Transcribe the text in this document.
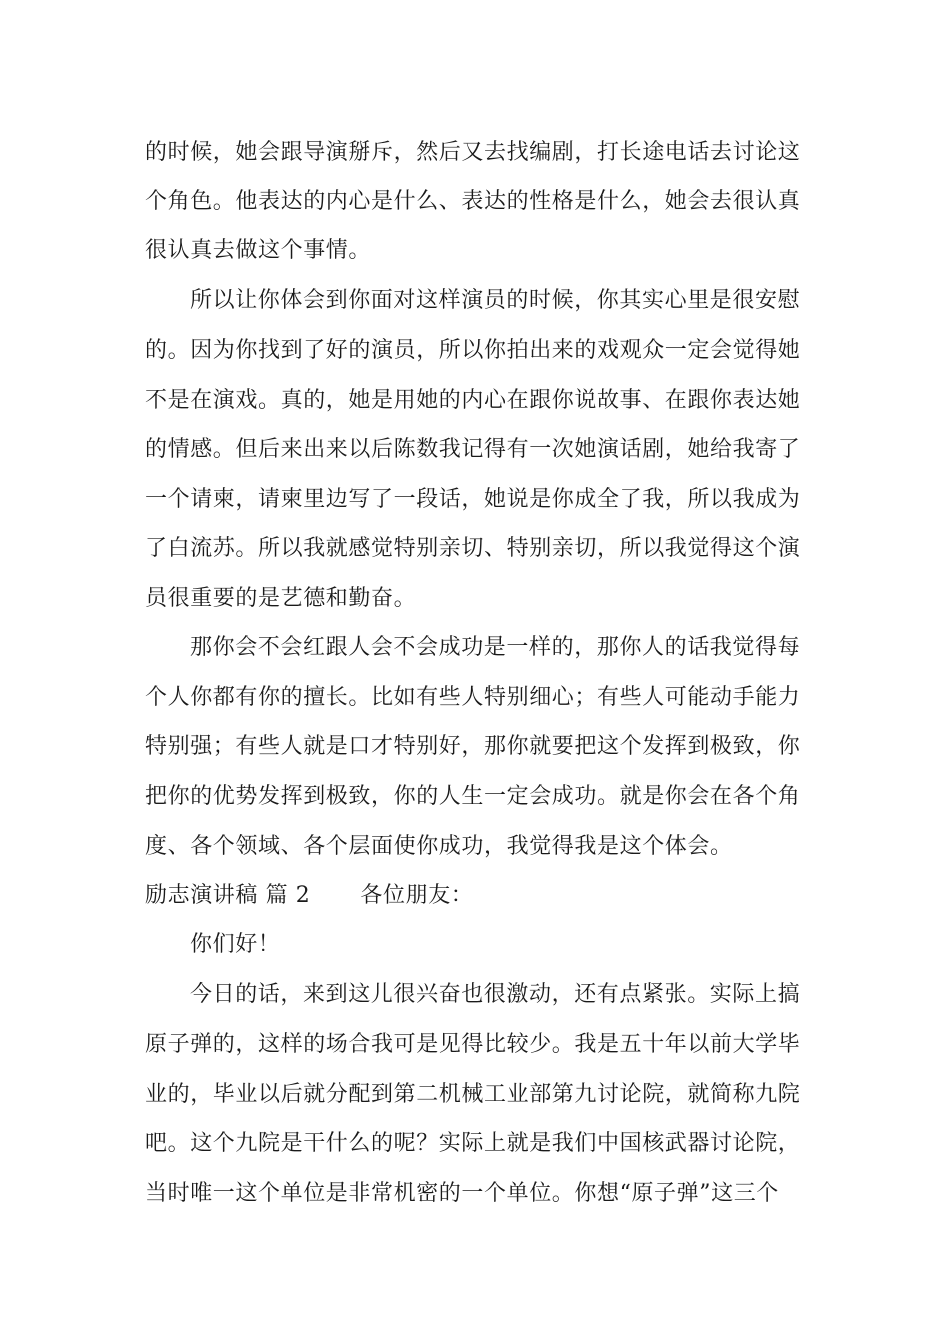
的时候，她会跟导演掰斥，然后又去找编剧，打长途电话去讨论这
个角色。他表达的内心是什么、表达的性格是什么，她会去很认真
很认真去做这个事情。
所以让你体会到你面对这样演员的时候，你其实心里是很安慰
的。因为你找到了好的演员，所以你拍出来的戏观众一定会觉得她
不是在演戏。真的，她是用她的内心在跟你说故事、在跟你表达她
的情感。但后来出来以后陈数我记得有一次她演话剧，她给我寄了
一个请柬，请柬里边写了一段话，她说是你成全了我，所以我成为
了白流苏。所以我就感觉特别亲切、特别亲切，所以我觉得这个演
员很重要的是艺德和勤奋。
那你会不会红跟人会不会成功是一样的，那你人的话我觉得每
个人你都有你的擅长。比如有些人特别细心；有些人可能动手能力
特别强；有些人就是口才特别好，那你就要把这个发挥到极致，你
把你的优势发挥到极致，你的人生一定会成功。就是你会在各个角
度、各个领域、各个层面使你成功，我觉得我是这个体会。
励志演讲稿 篇 2 各位朋友：
你们好！
今日的话，来到这儿很兴奋也很激动，还有点紧张。实际上搞
原子弹的，这样的场合我可是见得比较少。我是五十年以前大学毕
业的，毕业以后就分配到第二机械工业部第九讨论院，就简称九院
吧。这个九院是干什么的呢？实际上就是我们中国核武器讨论院，
当时唯一这个单位是非常机密的一个单位。你想“原子弹”这三个
